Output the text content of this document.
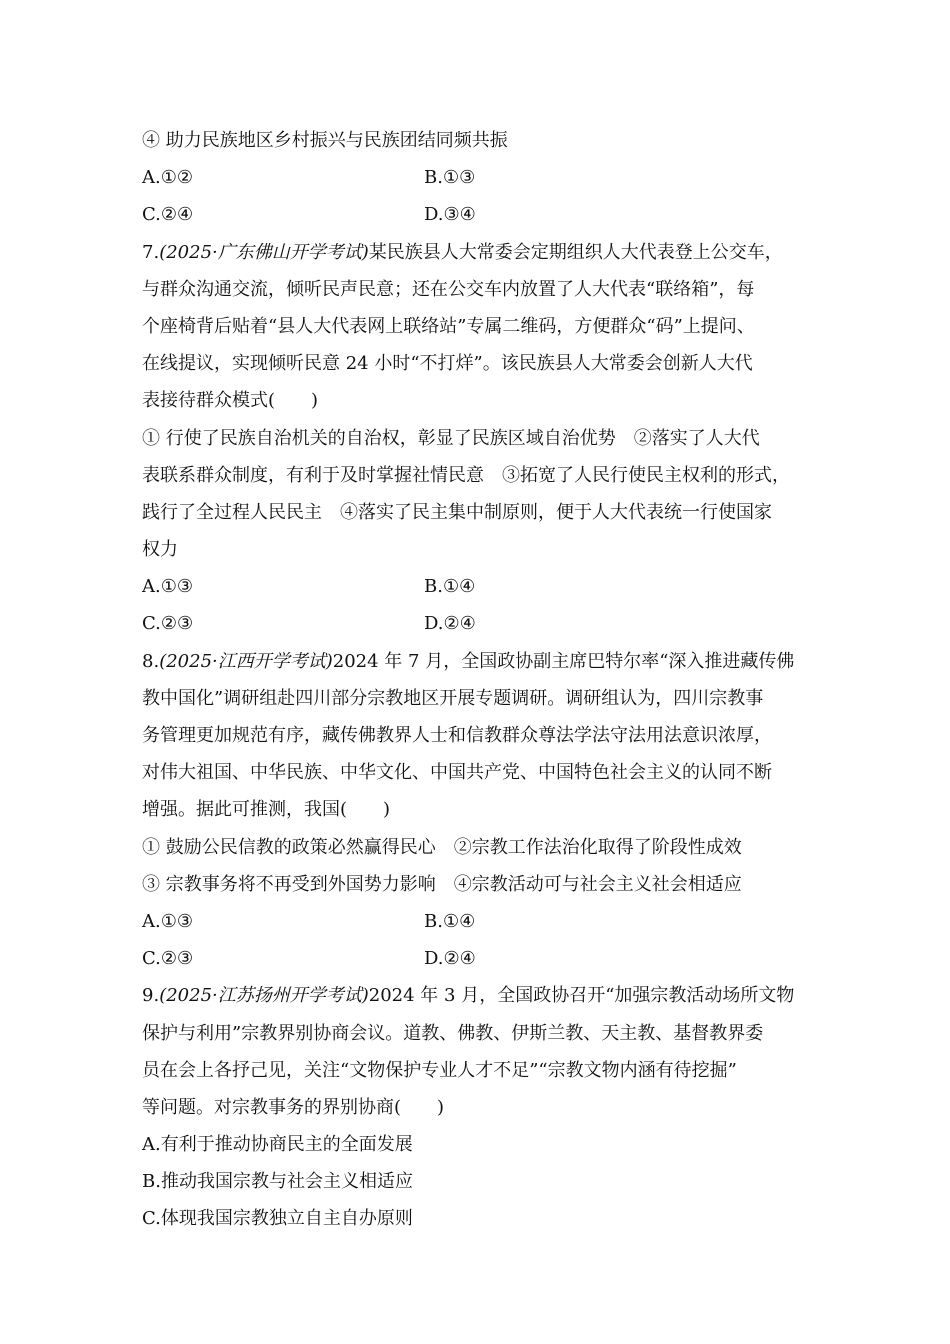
④ 助力民族地区乡村振兴与民族团结同频共振
A.①②	B.①③
C.②④	D.③④
7.(2025·广东佛山开学考试)某民族县人大常委会定期组织人大代表登上公交车，
与群众沟通交流，倾听民声民意；还在公交车内放置了人大代表“联络箱”，每
个座椅背后贴着“县人大代表网上联络站”专属二维码，方便群众“码”上提问、
在线提议，实现倾听民意 24 小时“不打烊”。该民族县人大常委会创新人大代
表接待群众模式(　　)
① 行使了民族自治机关的自治权，彰显了民族区域自治优势　②落实了人大代
表联系群众制度，有利于及时掌握社情民意　③拓宽了人民行使民主权利的形式，
践行了全过程人民民主　④落实了民主集中制原则，便于人大代表统一行使国家
权力
A.①③	B.①④
C.②③	D.②④
8.(2025·江西开学考试)2024 年 7 月，全国政协副主席巴特尔率“深入推进藏传佛
教中国化”调研组赴四川部分宗教地区开展专题调研。调研组认为，四川宗教事
务管理更加规范有序，藏传佛教界人士和信教群众尊法学法守法用法意识浓厚，
对伟大祖国、中华民族、中华文化、中国共产党、中国特色社会主义的认同不断
增强。据此可推测，我国(　　)
① 鼓励公民信教的政策必然赢得民心　②宗教工作法治化取得了阶段性成效
③ 宗教事务将不再受到外国势力影响　④宗教活动可与社会主义社会相适应
A.①③	B.①④
C.②③	D.②④
9.(2025·江苏扬州开学考试)2024 年 3 月，全国政协召开“加强宗教活动场所文物
保护与利用”宗教界别协商会议。道教、佛教、伊斯兰教、天主教、基督教界委
员在会上各抒己见，关注“文物保护专业人才不足”“宗教文物内涵有待挖掘”
等问题。对宗教事务的界别协商(　　)
A.有利于推动协商民主的全面发展
B.推动我国宗教与社会主义相适应
C.体现我国宗教独立自主自办原则
